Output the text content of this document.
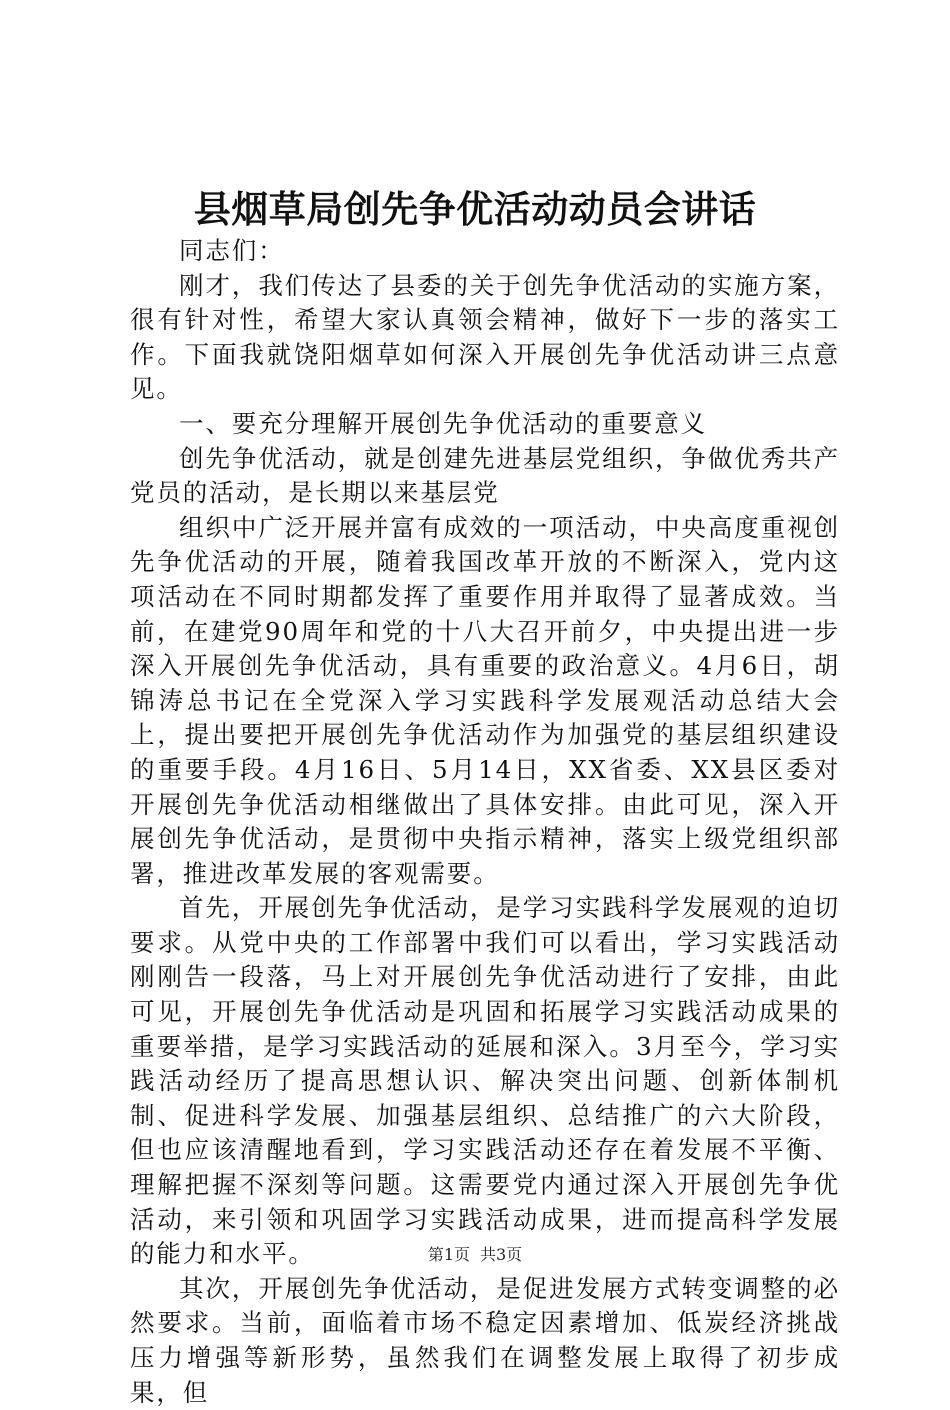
县烟草局创先争优活动动员会讲话

同志们：

刚才，我们传达了县委的关于创先争优活动的实施方案，很有针对性，希望大家认真领会精神，做好下一步的落实工作。下面我就饶阳烟草如何深入开展创先争优活动讲三点意见。

一、要充分理解开展创先争优活动的重要意义

创先争优活动，就是创建先进基层党组织，争做优秀共产党员的活动，是长期以来基层党

组织中广泛开展并富有成效的一项活动，中央高度重视创先争优活动的开展，随着我国改革开放的不断深入，党内这项活动在不同时期都发挥了重要作用并取得了显著成效。当前，在建党90周年和党的十八大召开前夕，中央提出进一步深入开展创先争优活动，具有重要的政治意义。4月6日，胡锦涛总书记在全党深入学习实践科学发展观活动总结大会上，提出要把开展创先争优活动作为加强党的基层组织建设的重要手段。4月16日、5月14日，XX省委、XX县区委对开展创先争优活动相继做出了具体安排。由此可见，深入开展创先争优活动，是贯彻中央指示精神，落实上级党组织部署，推进改革发展的客观需要。

首先，开展创先争优活动，是学习实践科学发展观的迫切要求。从党中央的工作部署中我们可以看出，学习实践活动刚刚告一段落，马上对开展创先争优活动进行了安排，由此可见，开展创先争优活动是巩固和拓展学习实践活动成果的重要举措，是学习实践活动的延展和深入。3月至今，学习实践活动经历了提高思想认识、解决突出问题、创新体制机制、促进科学发展、加强基层组织、总结推广的六大阶段，但也应该清醒地看到，学习实践活动还存在着发展不平衡、理解把握不深刻等问题。这需要党内通过深入开展创先争优活动，来引领和巩固学习实践活动成果，进而提高科学发展的能力和水平。

其次，开展创先争优活动，是促进发展方式转变调整的必然要求。当前，面临着市场不稳定因素增加、低炭经济挑战压力增强等新形势，虽然我们在调整发展上取得了初步成果，但

第1页 共3页
